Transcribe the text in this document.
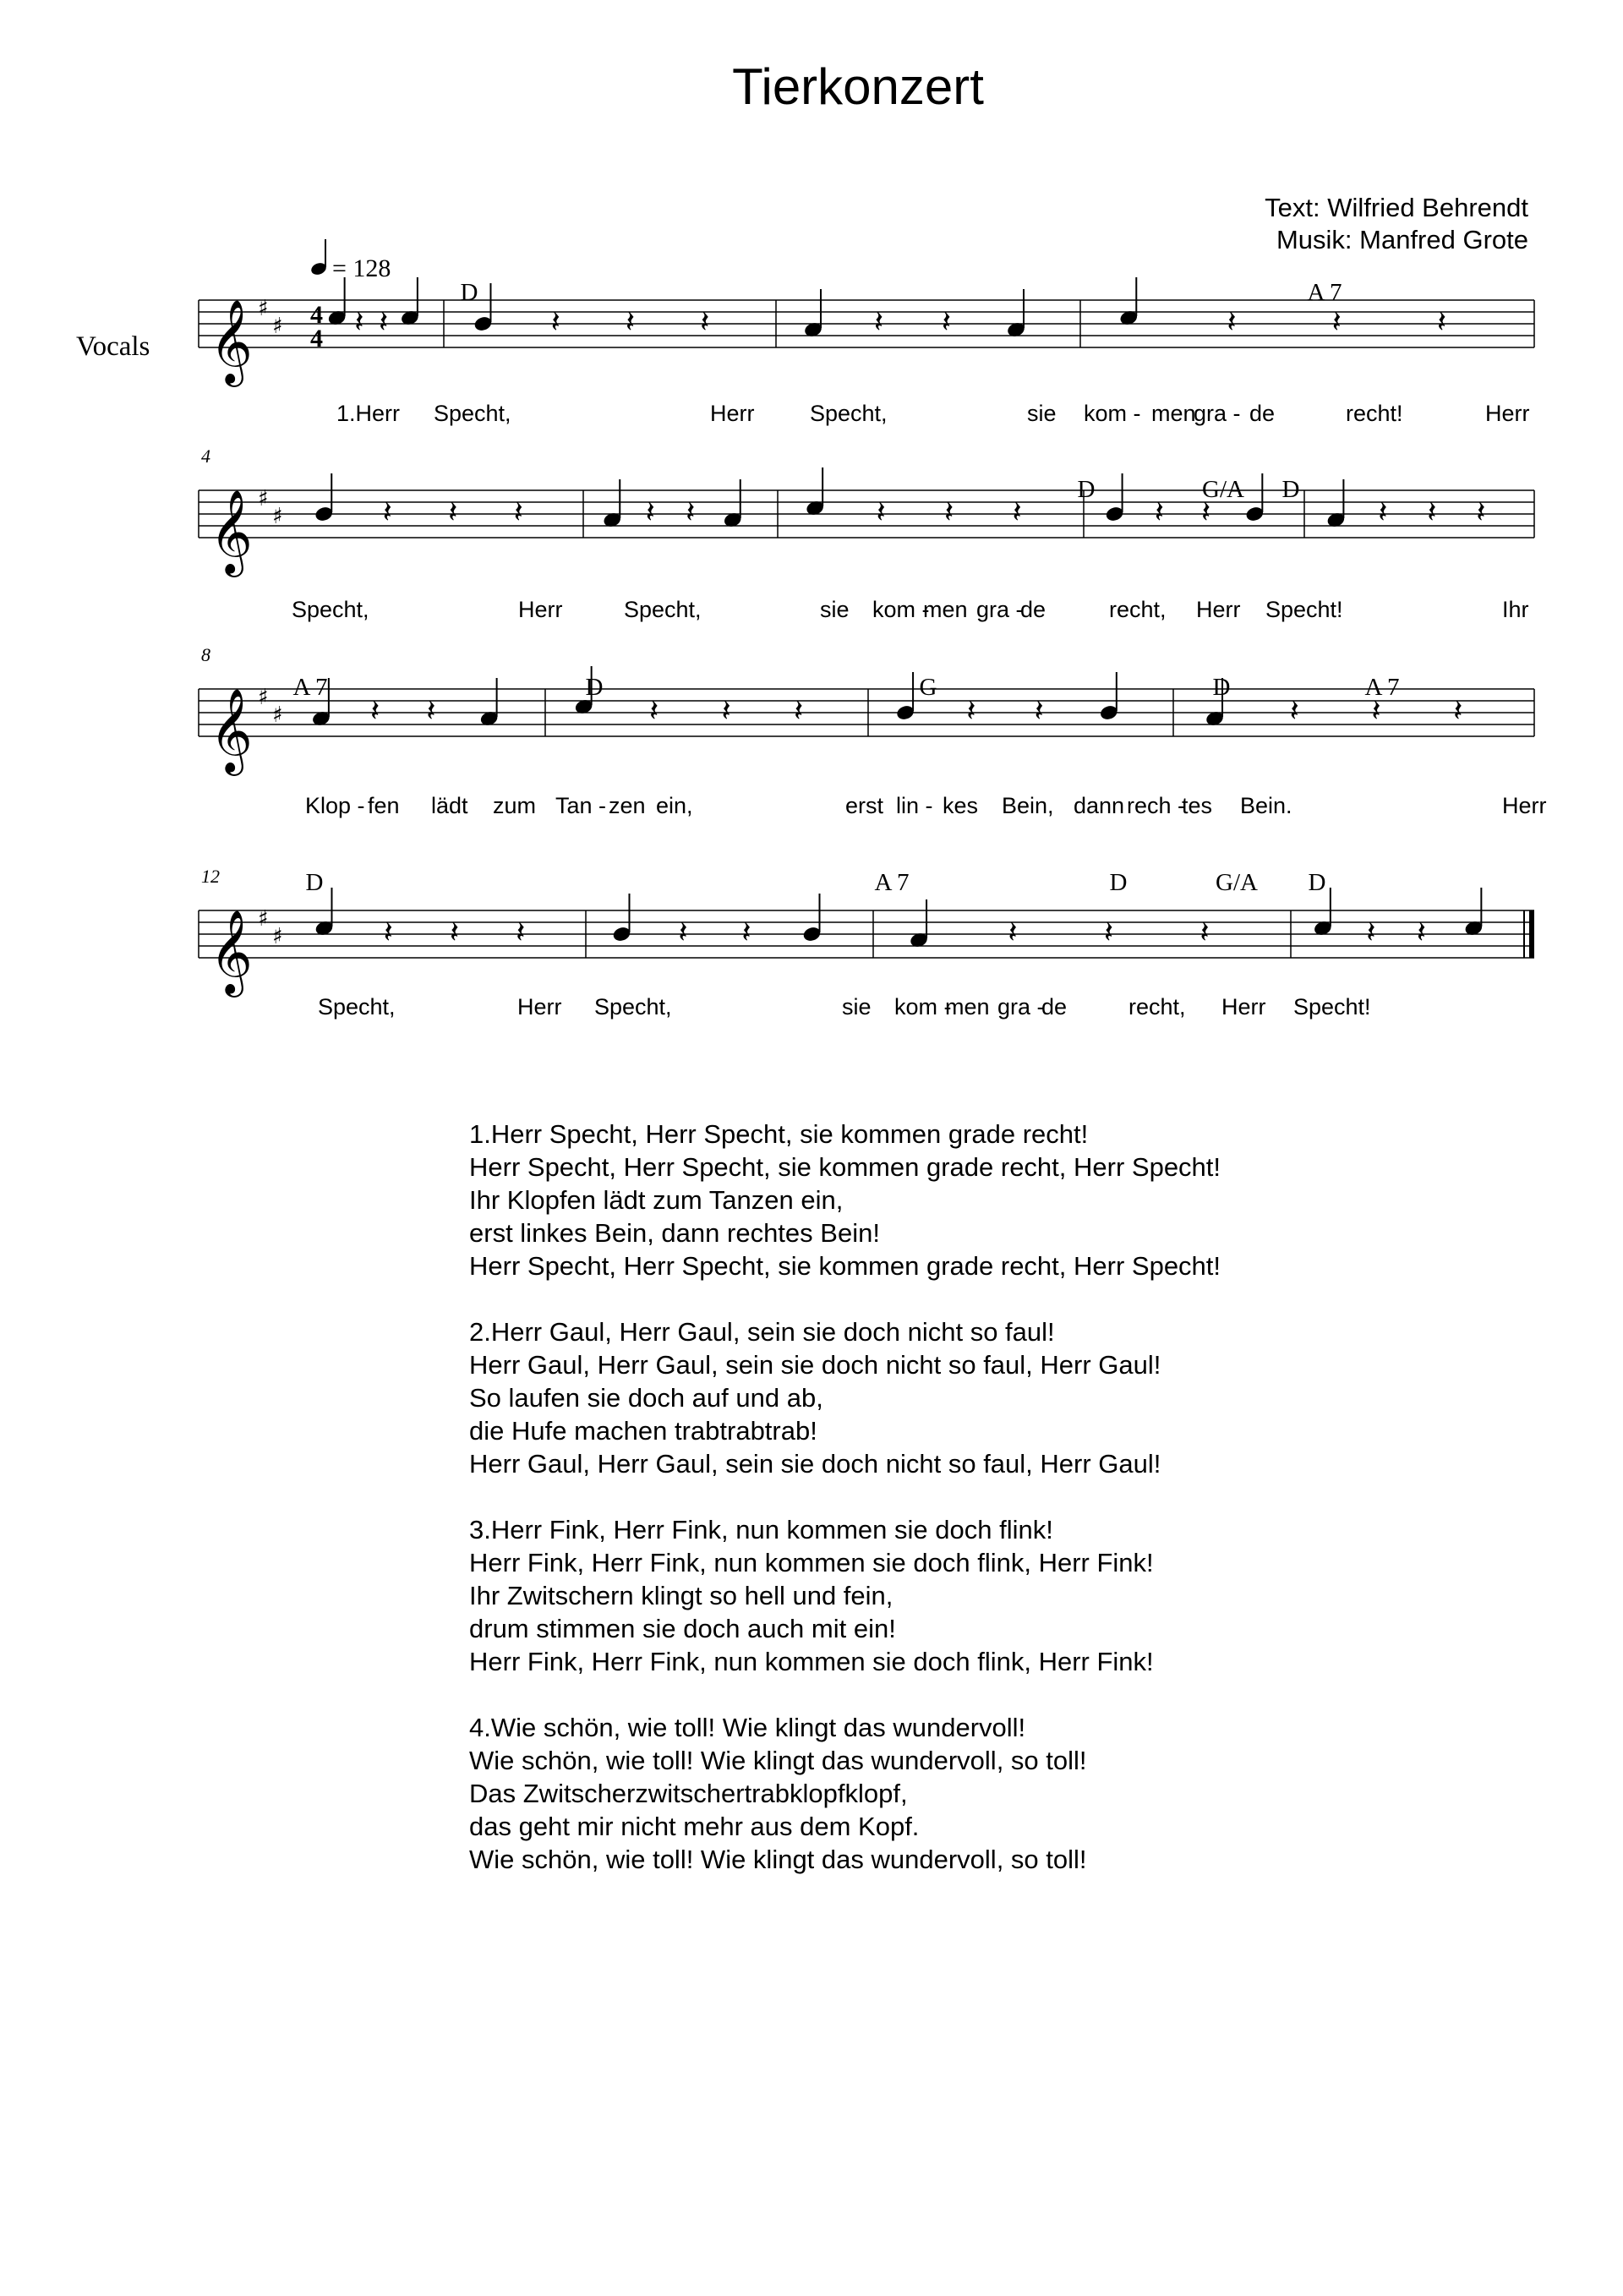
Tierkonzert
Text: Wilfried Behrendt
Musik: Manfred Grote
Vocals
= 128
𝄞 ♯
♯ 4
4
D	A 7
𝄽 𝄽	𝄽 𝄽 𝄽	𝄽 𝄽	𝄽	𝄽	𝄽
1.Herr Specht,	Herr Specht,	sie kom - men
gra - de	recht!	Herr
𝄞 ♯
♯
4
D	G/A D
𝄽 𝄽 𝄽	𝄽 𝄽	𝄽 𝄽 𝄽	𝄽 𝄽	𝄽 𝄽 𝄽
Specht,	Herr	Specht,	sie kom -
men gra -
de	recht, Herr Specht!	Ihr
𝄞 ♯
♯
8
A 7	D	G	D	A 7
𝄽 𝄽	𝄽 𝄽 𝄽	𝄽 𝄽	𝄽 𝄽 𝄽
Klop - fen lädt zum Tan - zen ein,	erst lin - kes Bein, dann rech -
tes Bein.	Herr
𝄞 ♯
♯
12	D	A 7	D	G/A D
𝄽 𝄽 𝄽	𝄽 𝄽	𝄽	𝄽	𝄽	𝄽 𝄽
Specht,	Herr Specht,	sie kom -
men gra -
de	recht, Herr Specht!
1.Herr Specht, Herr Specht, sie kommen grade recht!
Herr Specht, Herr Specht, sie kommen grade recht, Herr Specht!
Ihr Klopfen lädt zum Tanzen ein,
erst linkes Bein, dann rechtes Bein!
Herr Specht, Herr Specht, sie kommen grade recht, Herr Specht!
2.Herr Gaul, Herr Gaul, sein sie doch nicht so faul!
Herr Gaul, Herr Gaul, sein sie doch nicht so faul, Herr Gaul!
So laufen sie doch auf und ab,
die Hufe machen trabtrabtrab!
Herr Gaul, Herr Gaul, sein sie doch nicht so faul, Herr Gaul!
3.Herr Fink, Herr Fink, nun kommen sie doch flink!
Herr Fink, Herr Fink, nun kommen sie doch flink, Herr Fink!
Ihr Zwitschern klingt so hell und fein,
drum stimmen sie doch auch mit ein!
Herr Fink, Herr Fink, nun kommen sie doch flink, Herr Fink!
4.Wie schön, wie toll! Wie klingt das wundervoll!
Wie schön, wie toll! Wie klingt das wundervoll, so toll!
Das Zwitscherzwitschertrabklopfklopf,
das geht mir nicht mehr aus dem Kopf.
Wie schön, wie toll! Wie klingt das wundervoll, so toll!
